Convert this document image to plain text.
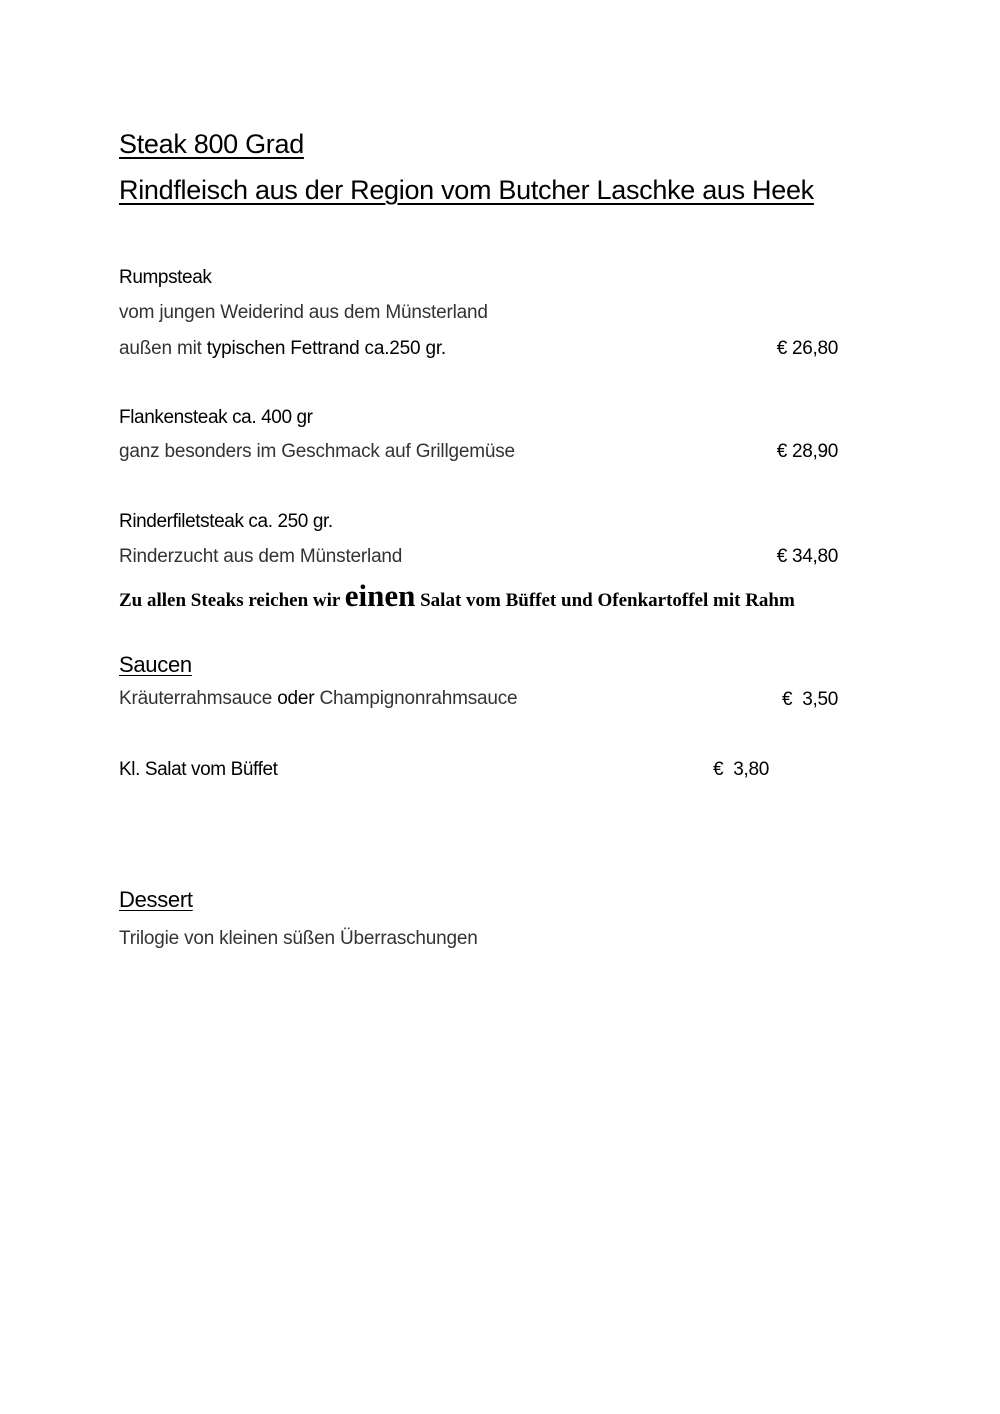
Steak 800 Grad
Rindfleisch aus der Region vom Butcher Laschke aus Heek
Rumpsteak
vom jungen Weiderind aus dem Münsterland
außen mit typischen Fettrand ca.250 gr.	€ 26,80
Flankensteak ca. 400 gr
ganz besonders im Geschmack auf Grillgemüse	€ 28,90
Rinderfiletsteak ca. 250 gr.
Rinderzucht aus dem Münsterland	€ 34,80
Zu allen Steaks reichen wir einen Salat vom Büffet und Ofenkartoffel mit Rahm
Saucen
Kräuterrahmsauce oder Champignonrahmsauce	€  3,50
Kl. Salat vom Büffet	€  3,80
Dessert
Trilogie von kleinen süßen Überraschungen
